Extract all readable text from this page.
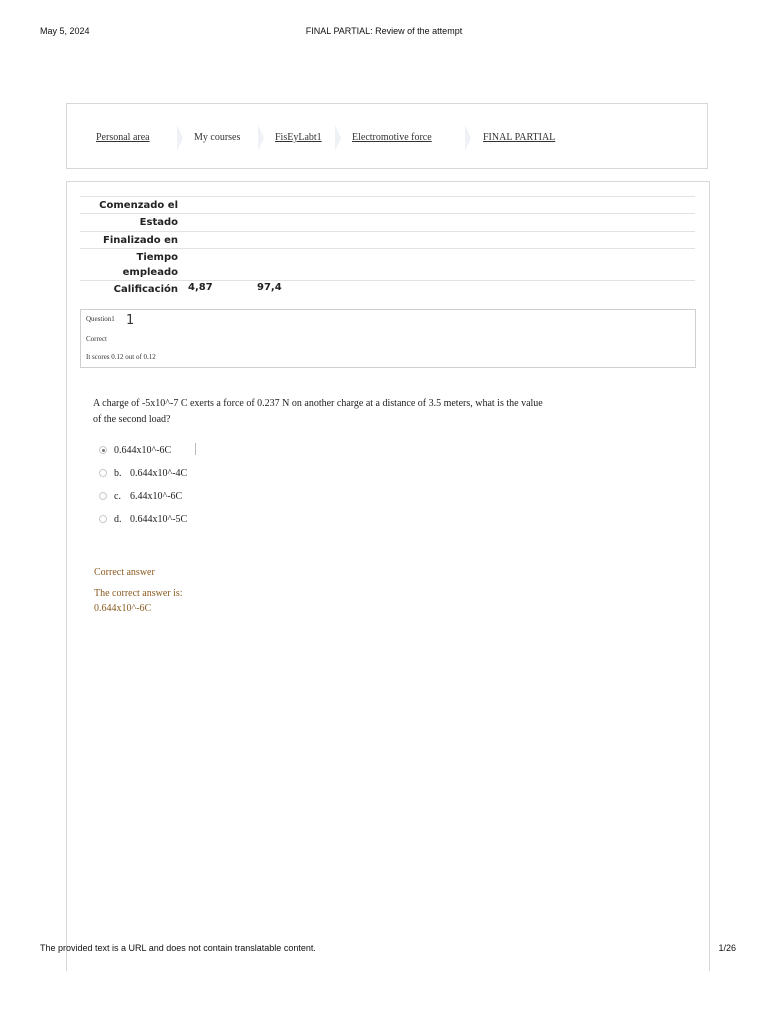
May 5, 2024	FINAL PARTIAL: Review of the attempt
Personal area	My courses	FisEyLabt1	Electromotive force	FINAL PARTIAL
Comenzado el
Estado
Finalizado en
Tiempo
empleado
Calificación 4,87	97,4
Question1 1
Correct
It scores 0.12 out of 0.12
A charge of -5x10^-7 C exerts a force of 0.237 N on another charge at a distance of 3.5 meters, what is the value of the second load?
0.644x10^-6C
b. 0.644x10^-4C
c. 6.44x10^-6C
d. 0.644x10^-5C
Correct answer
The correct answer is:
0.644x10^-6C
The provided text is a URL and does not contain translatable content.	1/26
